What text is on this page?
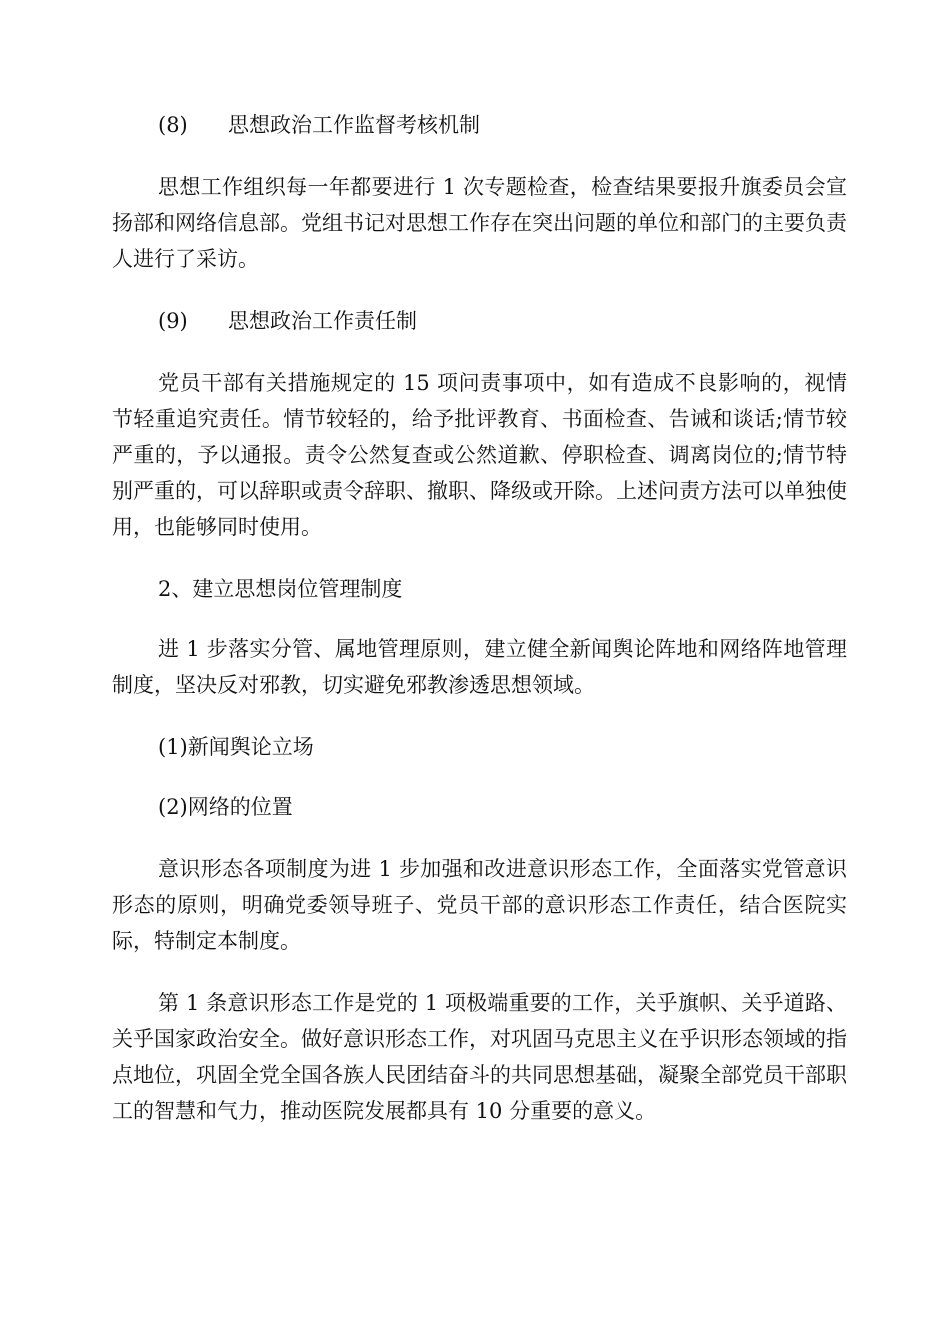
(8) 思想政治工作监督考核机制

思想工作组织每一年都要进行 1 次专题检查，检查结果要报升旗委员会宣扬部和网络信息部。党组书记对思想工作存在突出问题的单位和部门的主要负责人进行了采访。

(9) 思想政治工作责任制

党员干部有关措施规定的 15 项问责事项中，如有造成不良影响的，视情节轻重追究责任。情节较轻的，给予批评教育、书面检查、告诫和谈话;情节较严重的，予以通报。责令公然复查或公然道歉、停职检查、调离岗位的;情节特别严重的，可以辞职或责令辞职、撤职、降级或开除。上述问责方法可以单独使用，也能够同时使用。

2、建立思想岗位管理制度

进 1 步落实分管、属地管理原则，建立健全新闻舆论阵地和网络阵地管理制度，坚决反对邪教，切实避免邪教渗透思想领域。

(1)新闻舆论立场

(2)网络的位置

意识形态各项制度为进 1 步加强和改进意识形态工作，全面落实党管意识形态的原则，明确党委领导班子、党员干部的意识形态工作责任，结合医院实际，特制定本制度。

第 1 条意识形态工作是党的 1 项极端重要的工作，关乎旗帜、关乎道路、关乎国家政治安全。做好意识形态工作，对巩固马克思主义在乎识形态领域的指点地位，巩固全党全国各族人民团结奋斗的共同思想基础，凝聚全部党员干部职工的智慧和气力，推动医院发展都具有 10 分重要的意义。
